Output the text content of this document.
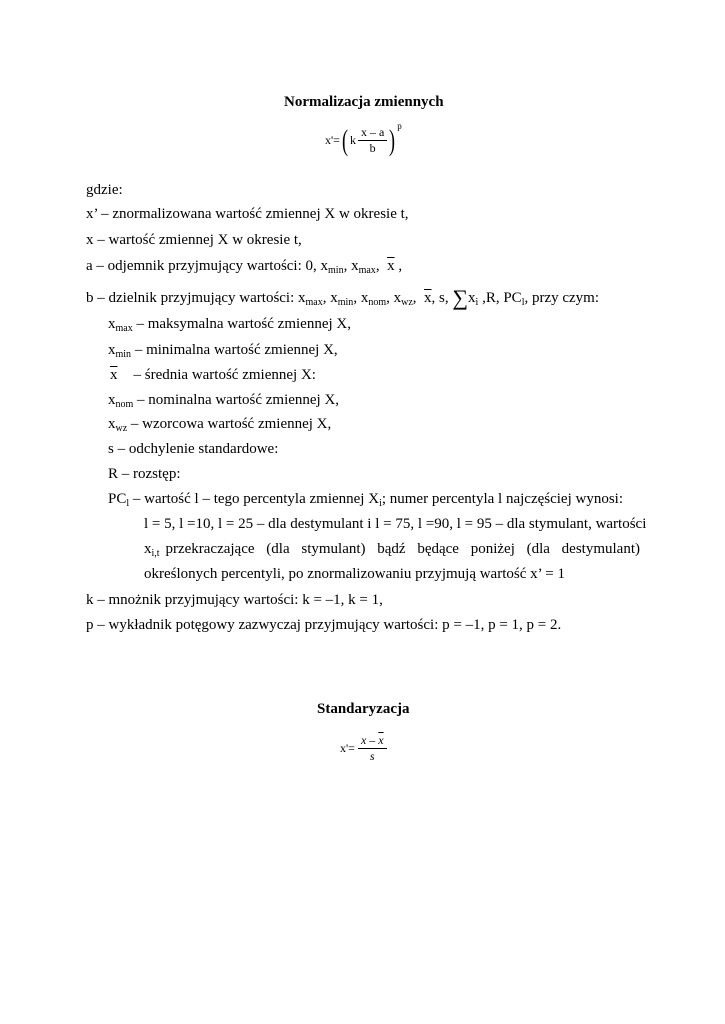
Normalizacja zmiennych
x'=( k $\frac{x - a}{b}$ ) $^p$
gdzie:
x’ – znormalizowana wartość zmiennej X w okresie t,
x – wartość zmiennej X w okresie t,
a – odjemnik przyjmujący wartości: 0, $x_{min}$, $x_{max}$,  $\overline{x}$ ,
b – dzielnik przyjmujący wartości: $x_{max}$, $x_{min}$, $x_{nom}$, $x_{wz}$,  $\overline{x}$, s, $\sum x_i$ ,R, $PC_l$, przy czym:
$x_{max}$ – maksymalna wartość zmiennej X,
$x_{min}$ – minimalna wartość zmiennej X,
$\overline{x}$ – średnia wartość zmiennej X:
$x_{nom}$ – nominalna wartość zmiennej X,
$x_{wz}$ – wzorcowa wartość zmiennej X,
s – odchylenie standardowe:
R – rozstęp:
$PC_l$ – wartość l – tego percentyla zmiennej $X_i$; numer percentyla l najczęściej wynosi:
l = 5, l =10, l = 25 – dla destymulant i l = 75, l =90, l = 95 – dla stymulant, wartości
$x_{i,t}$ przekraczające (dla stymulant) bądź będące poniżej (dla destymulant)
określonych percentyli, po znormalizowaniu przyjmują wartość x’ = 1
k – mnożnik przyjmujący wartości: k = –1, k = 1,
p – wykładnik potęgowy zazwyczaj przyjmujący wartości: p = –1, p = 1, p = 2.
Standaryzacja
$x'= \frac{x - \overline{x}}{s}$
